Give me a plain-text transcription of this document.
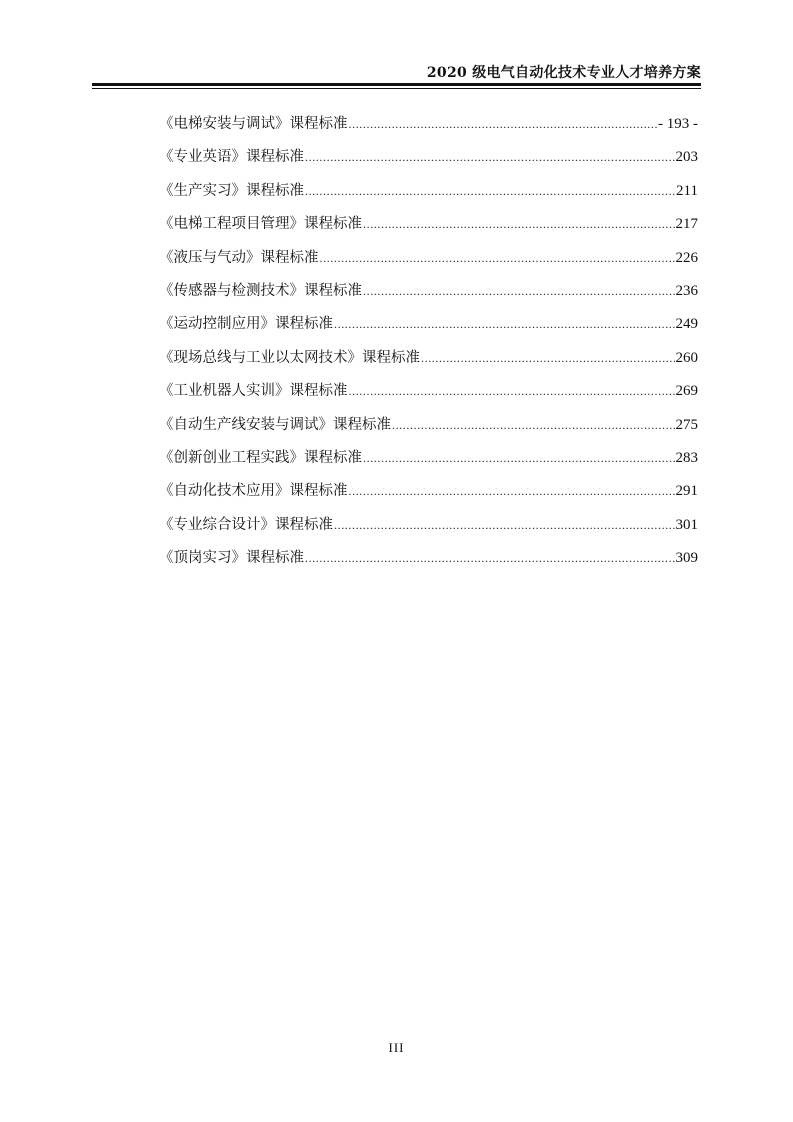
2020 级电气自动化技术专业人才培养方案
《电梯安装与调试》课程标准 .....	- 193 -
《专业英语》课程标准 .....	203
《生产实习》课程标准 .....	211
《电梯工程项目管理》课程标准 .....	217
《液压与气动》课程标准 .....	226
《传感器与检测技术》课程标准 .....	236
《运动控制应用》课程标准 .....	249
《现场总线与工业以太网技术》课程标准 .....	260
《工业机器人实训》课程标准 .....	269
《自动生产线安装与调试》课程标准 .....	275
《创新创业工程实践》课程标准 .....	283
《自动化技术应用》课程标准 .....	291
《专业综合设计》课程标准 .....	301
《顶岗实习》课程标准 .....	309
III
